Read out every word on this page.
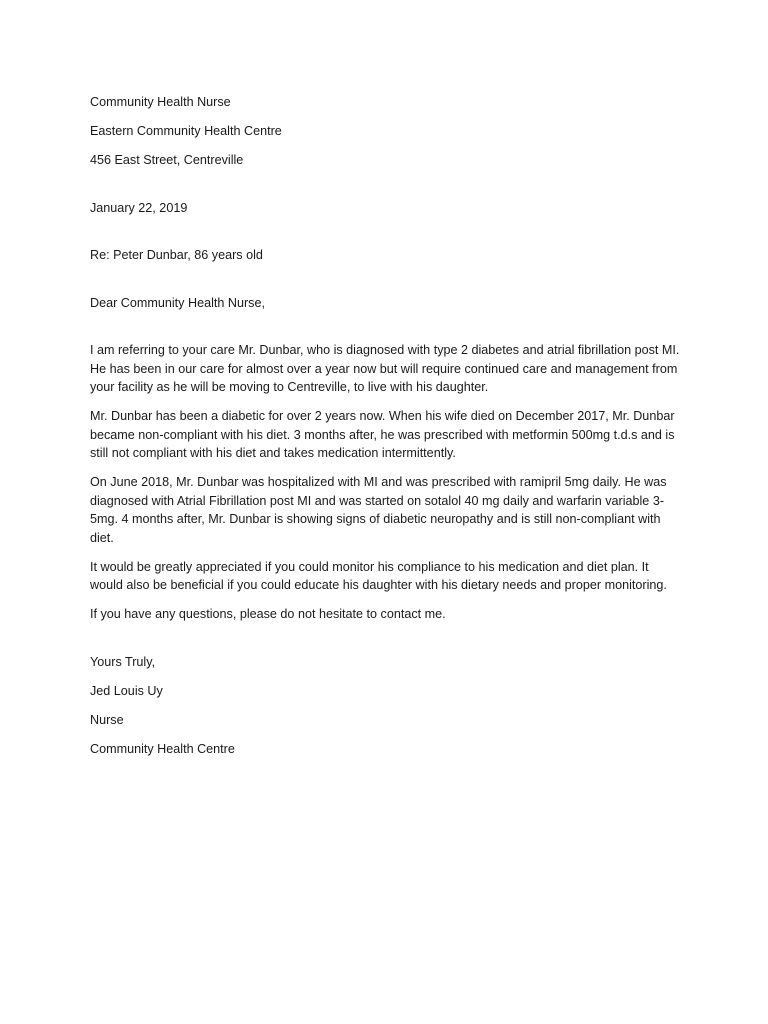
Community Health Nurse

Eastern Community Health Centre

456 East Street, Centreville

January 22, 2019

Re: Peter Dunbar, 86 years old

Dear Community Health Nurse,

I am referring to your care Mr. Dunbar, who is diagnosed with type 2 diabetes and atrial fibrillation post MI. He has been in our care for almost over a year now but will require continued care and management from your facility as he will be moving to Centreville, to live with his daughter.

Mr. Dunbar has been a diabetic for over 2 years now. When his wife died on December 2017, Mr. Dunbar became non-compliant with his diet. 3 months after, he was prescribed with metformin 500mg t.d.s and is still not compliant with his diet and takes medication intermittently.

On June 2018, Mr. Dunbar was hospitalized with MI and was prescribed with ramipril 5mg daily. He was diagnosed with Atrial Fibrillation post MI and was started on sotalol 40 mg daily and warfarin variable 3-5mg. 4 months after, Mr. Dunbar is showing signs of diabetic neuropathy and is still non-compliant with diet.

It would be greatly appreciated if you could monitor his compliance to his medication and diet plan. It would also be beneficial if you could educate his daughter with his dietary needs and proper monitoring.

If you have any questions, please do not hesitate to contact me.

Yours Truly,

Jed Louis Uy

Nurse

Community Health Centre
